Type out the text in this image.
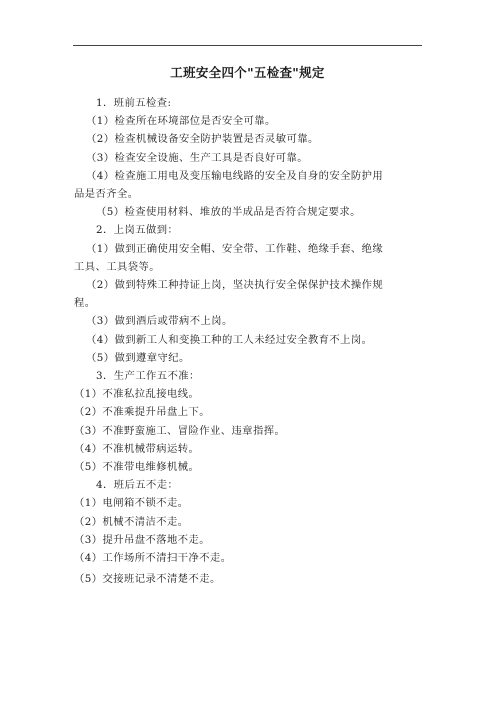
工班安全四个"五检查"规定
1．班前五检查:
（1）检查所在环境部位是否安全可靠。
（2）检查机械设备安全防护装置是否灵敏可靠。
（3）检查安全设施、生产工具是否良好可靠。
（4）检查施工用电及变压输电线路的安全及自身的安全防护用
品是否齐全。
（5）检查使用材料、堆放的半成品是否符合规定要求。
2．上岗五做到：
（1）做到正确使用安全帽、安全带、工作鞋、绝缘手套、绝缘
工具、工具袋等。
（2）做到特殊工种持证上岗，坚决执行安全保保护技术操作规
程。
（3）做到酒后或带病不上岗。
（4）做到新工人和变换工种的工人未经过安全教育不上岗。
（5）做到遵章守纪。
3．生产工作五不准：
（1）不准私拉乱接电线。
（2）不准乘提升吊盘上下。
（3）不准野蛮施工、冒险作业、违章指挥。
（4）不准机械带病运转。
（5）不准带电维修机械。
4．班后五不走：
（1）电闸箱不锁不走。
（2）机械不清洁不走。
（3）提升吊盘不落地不走。
（4）工作场所不清扫干净不走。
（5）交接班记录不清楚不走。
